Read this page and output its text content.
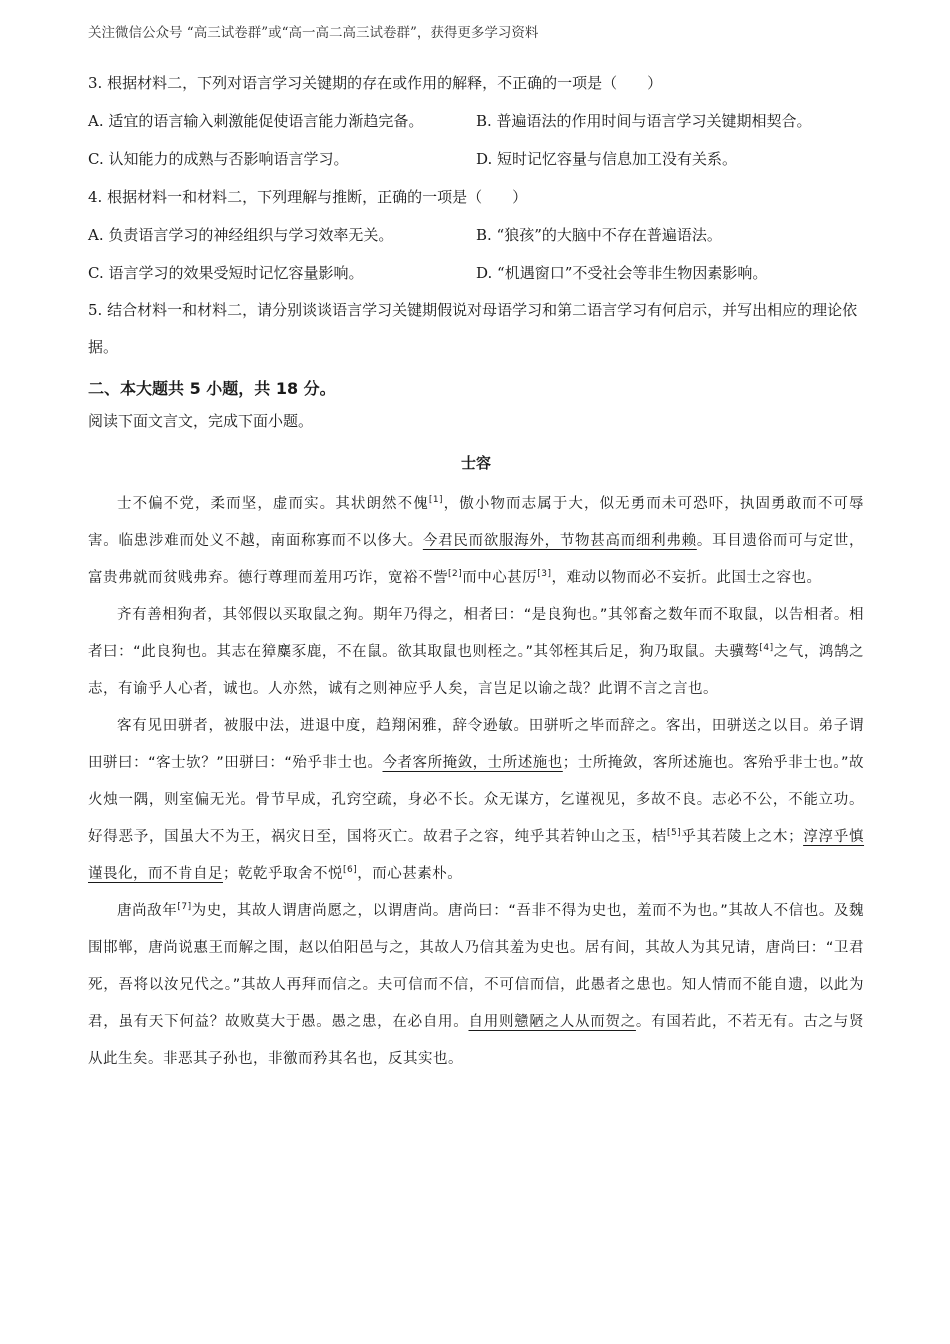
关注微信公众号 “高三试卷群”或“高一高二高三试卷群”，获得更多学习资料

3. 根据材料二，下列对语言学习关键期的存在或作用的解释，不正确的一项是（　　）

A. 适宜的语言输入刺激能促使语言能力渐趋完备。	B. 普遍语法的作用时间与语言学习关键期相契合。
C. 认知能力的成熟与否影响语言学习。	D. 短时记忆容量与信息加工没有关系。

4. 根据材料一和材料二，下列理解与推断，正确的一项是（　　）

A. 负责语言学习的神经组织与学习效率无关。	B. “狼孩”的大脑中不存在普遍语法。
C. 语言学习的效果受短时记忆容量影响。	D. “机遇窗口”不受社会等非生物因素影响。

5. 结合材料一和材料二，请分别谈谈语言学习关键期假说对母语学习和第二语言学习有何启示，并写出相应的理论依据。

二、本大题共 5 小题，共 18 分。
阅读下面文言文，完成下面小题。
士容

士不偏不党，柔而坚，虚而实。其状朗然不傀[1]，傲小物而志属于大，似无勇而未可恐吓，执固勇敢而不可辱害。临患涉难而处义不越，南面称寡而不以侈大。今君民而欲服海外，节物甚高而细利弗赖。耳目遗俗而可与定世，富贵弗就而贫贱弗弃。德行尊理而羞用巧诈，宽裕不訾[2]而中心甚厉[3]，难动以物而必不妄折。此国士之容也。

齐有善相狗者，其邻假以买取鼠之狗。期年乃得之，相者曰：“是良狗也。”其邻畜之数年而不取鼠，以告相者。相者曰：“此良狗也。其志在獐麋豕鹿，不在鼠。欲其取鼠也则桎之。”其邻桎其后足，狗乃取鼠。夫骥骜[4]之气，鸿鹄之志，有谕乎人心者，诚也。人亦然，诚有之则神应乎人矣，言岂足以谕之哉？此谓不言之言也。

客有见田骈者，被服中法，进退中度，趋翔闲雅，辞令逊敏。田骈听之毕而辞之。客出，田骈送之以目。弟子谓田骈曰：“客士欤？”田骈曰：“殆乎非士也。今者客所掩敛，士所述施也；士所掩敛，客所述施也。客殆乎非士也。”故火烛一隅，则室偏无光。骨节早成，孔窍空疏，身必不长。众无谋方，乞谨视见，多故不良。志必不公，不能立功。好得恶予，国虽大不为王，祸灾日至，国将灭亡。故君子之容，纯乎其若钟山之玉，桔[5]乎其若陵上之木；淳淳乎慎谨畏化，而不肯自足；乾乾乎取舍不悦[6]，而心甚素朴。

唐尚敌年[7]为史，其故人谓唐尚愿之，以谓唐尚。唐尚曰：“吾非不得为史也，羞而不为也。”其故人不信也。及魏围邯郸，唐尚说惠王而解之围，赵以伯阳邑与之，其故人乃信其羞为史也。居有间，其故人为其兄请，唐尚曰：“卫君死，吾将以汝兄代之。”其故人再拜而信之。夫可信而不信，不可信而信，此愚者之患也。知人情而不能自遗，以此为君，虽有天下何益？故败莫大于愚。愚之患，在必自用。自用则戆陋之人从而贺之。有国若此，不若无有。古之与贤从此生矣。非恶其子孙也，非徼而矜其名也，反其实也。
